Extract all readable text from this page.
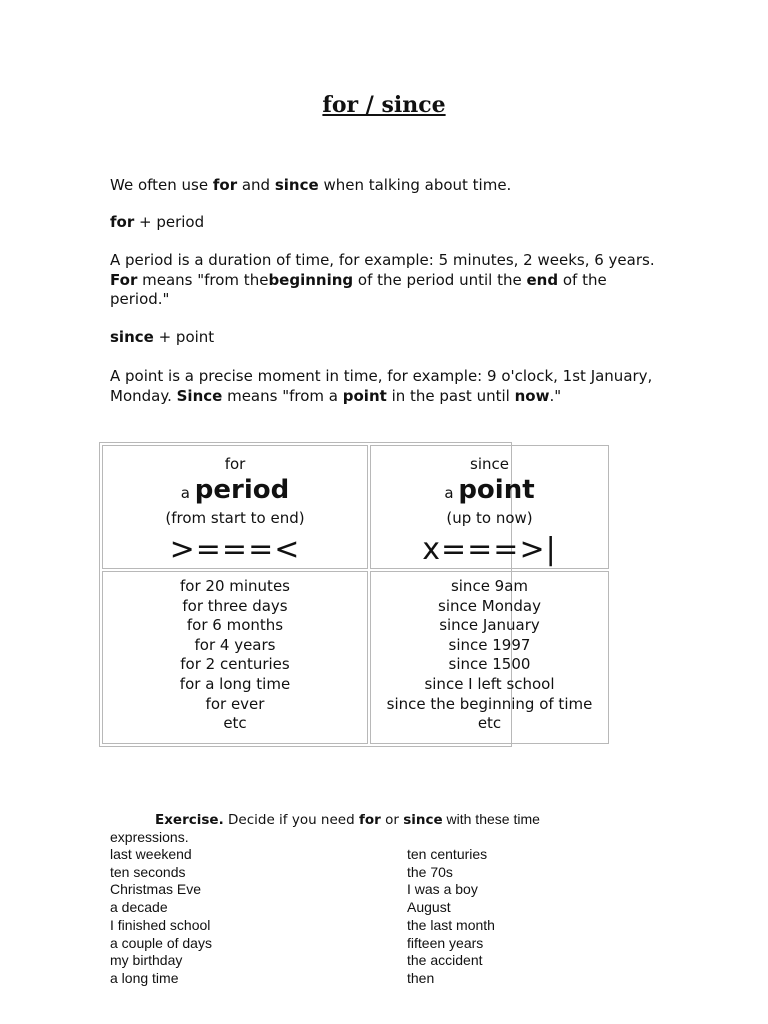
for / since

We often use for and since when talking about time.

for + period

A period is a duration of time, for example: 5 minutes, 2 weeks, 6 years. For means "from thebeginning of the period until the end of the period."

since + point

A point is a precise moment in time, for example: 9 o'clock, 1st January, Monday. Since means "from a point in the past until now."

for
a period
(from start to end)
>===<
since
a point
(up to now)
x===>|
for 20 minutes
for three days
for 6 months
for 4 years
for 2 centuries
for a long time
for ever
etc
since 9am
since Monday
since January
since 1997
since 1500
since I left school
since the beginning of time
etc

Exercise. Decide if you need for or since with these time expressions.

last weekend
ten seconds
Christmas Eve
a decade
I finished school
a couple of days
my birthday
a long time
ten centuries
the 70s
I was a boy
August
the last month
fifteen years
the accident
then
